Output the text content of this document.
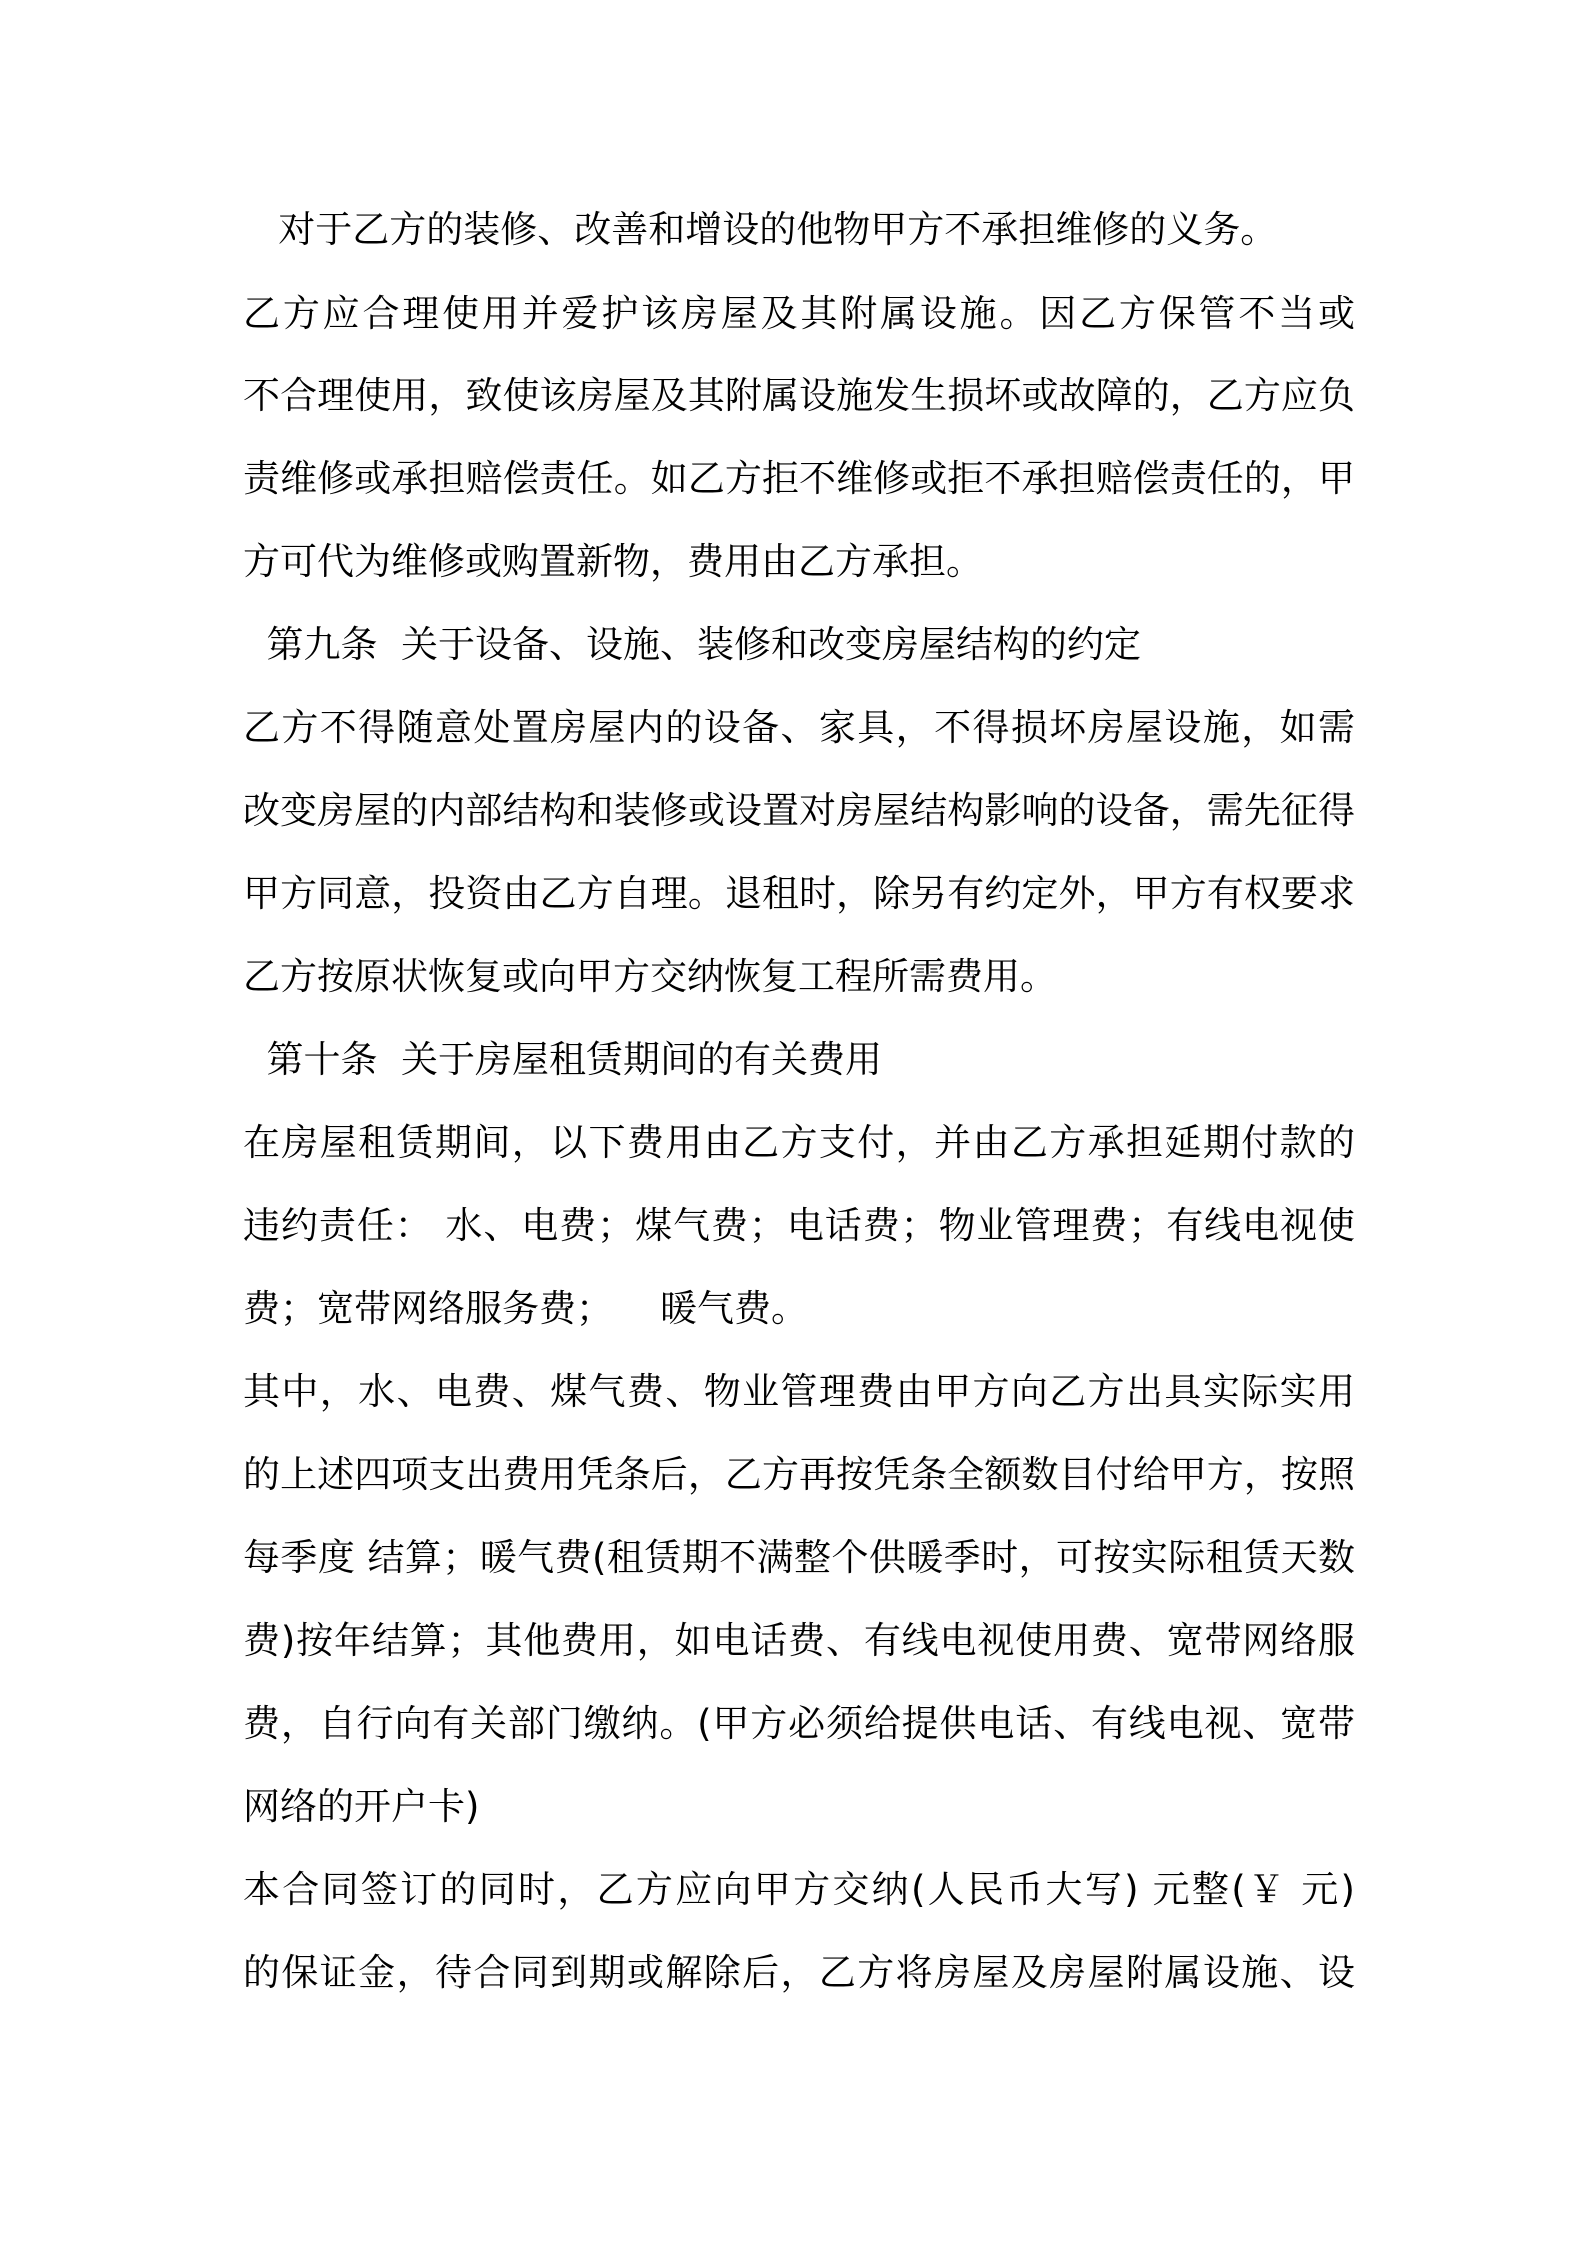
对于乙方的装修、改善和增设的他物甲方不承担维修的义务。
乙方应合理使用并爱护该房屋及其附属设施。因乙方保管不当或
不合理使用，致使该房屋及其附属设施发生损坏或故障的，乙方应负
责维修或承担赔偿责任。如乙方拒不维修或拒不承担赔偿责任的，甲
方可代为维修或购置新物，费用由乙方承担。
第九条  关于设备、设施、装修和改变房屋结构的约定
乙方不得随意处置房屋内的设备、家具，不得损坏房屋设施，如需
改变房屋的内部结构和装修或设置对房屋结构影响的设备，需先征得
甲方同意，投资由乙方自理。退租时，除另有约定外，甲方有权要求
乙方按原状恢复或向甲方交纳恢复工程所需费用。
第十条  关于房屋租赁期间的有关费用
在房屋租赁期间，以下费用由乙方支付，并由乙方承担延期付款的
违约责任： 水、电费；煤气费；电话费；物业管理费；有线电视使
费；宽带网络服务费；    暖气费。
其中，水、电费、煤气费、物业管理费由甲方向乙方出具实际实用
的上述四项支出费用凭条后，乙方再按凭条全额数目付给甲方，按照
每季度 结算；暖气费(租赁期不满整个供暖季时，可按实际租赁天数
费)按年结算；其他费用，如电话费、有线电视使用费、宽带网络服
费，自行向有关部门缴纳。(甲方必须给提供电话、有线电视、宽带
网络的开户卡)
本合同签订的同时，乙方应向甲方交纳(人民币大写) 元整(￥ 元)
的保证金，待合同到期或解除后，乙方将房屋及房屋附属设施、设
